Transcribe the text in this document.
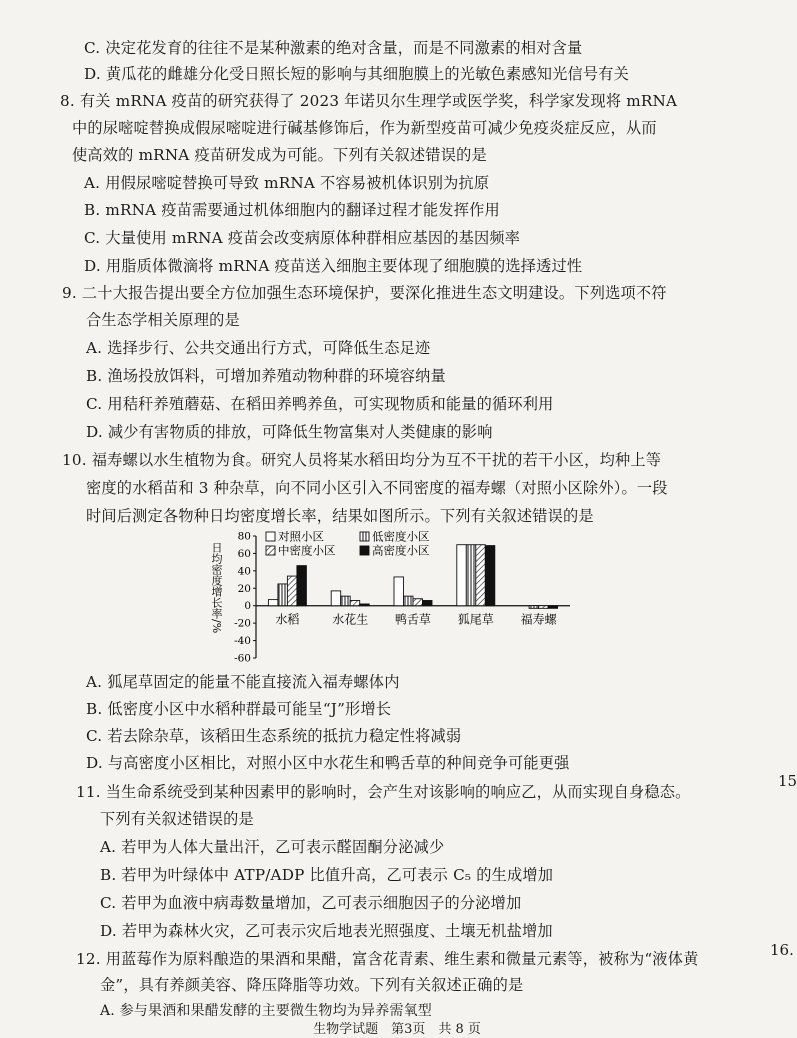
C. 决定花发育的往往不是某种激素的绝对含量，而是不同激素的相对含量
D. 黄瓜花的雌雄分化受日照长短的影响与其细胞膜上的光敏色素感知光信号有关
8. 有关 mRNA 疫苗的研究获得了 2023 年诺贝尔生理学或医学奖，科学家发现将 mRNA
中的尿嘧啶替换成假尿嘧啶进行碱基修饰后，作为新型疫苗可减少免疫炎症反应，从而
使高效的 mRNA 疫苗研发成为可能。下列有关叙述错误的是
A. 用假尿嘧啶替换可导致 mRNA 不容易被机体识别为抗原
B. mRNA 疫苗需要通过机体细胞内的翻译过程才能发挥作用
C. 大量使用 mRNA 疫苗会改变病原体种群相应基因的基因频率
D. 用脂质体微滴将 mRNA 疫苗送入细胞主要体现了细胞膜的选择透过性
9. 二十大报告提出要全方位加强生态环境保护，要深化推进生态文明建设。下列选项不符
合生态学相关原理的是
A. 选择步行、公共交通出行方式，可降低生态足迹
B. 渔场投放饵料，可增加养殖动物种群的环境容纳量
C. 用秸秆养殖蘑菇、在稻田养鸭养鱼，可实现物质和能量的循环利用
D. 减少有害物质的排放，可降低生物富集对人类健康的影响
10. 福寿螺以水生植物为食。研究人员将某水稻田均分为互不干扰的若干小区，均种上等
密度的水稻苗和 3 种杂草，向不同小区引入不同密度的福寿螺（对照小区除外）。一段
时间后测定各物种日均密度增长率，结果如图所示。下列有关叙述错误的是
日均密度增长率/%
80
60
40
20
0
-20
-40
-60
水稻	水花生 鸭舌草 狐尾草 福寿螺
对照小区	低密度小区
中密度小区	高密度小区
A. 狐尾草固定的能量不能直接流入福寿螺体内
B. 低密度小区中水稻种群最可能呈“J”形增长
C. 若去除杂草，该稻田生态系统的抵抗力稳定性将减弱
D. 与高密度小区相比，对照小区中水花生和鸭舌草的种间竞争可能更强
11. 当生命系统受到某种因素甲的影响时，会产生对该影响的响应乙，从而实现自身稳态。
下列有关叙述错误的是
A. 若甲为人体大量出汗，乙可表示醛固酮分泌减少
B. 若甲为叶绿体中 ATP/ADP 比值升高，乙可表示 C₅ 的生成增加
C. 若甲为血液中病毒数量增加，乙可表示细胞因子的分泌增加
D. 若甲为森林火灾，乙可表示灾后地表光照强度、土壤无机盐增加
12. 用蓝莓作为原料酿造的果酒和果醋，富含花青素、维生素和微量元素等，被称为“液体黄
金”，具有养颜美容、降压降脂等功效。下列有关叙述正确的是
A. 参与果酒和果醋发酵的主要微生物均为异养需氧型
15
16.
生物学试题　第3页　共 8 页
